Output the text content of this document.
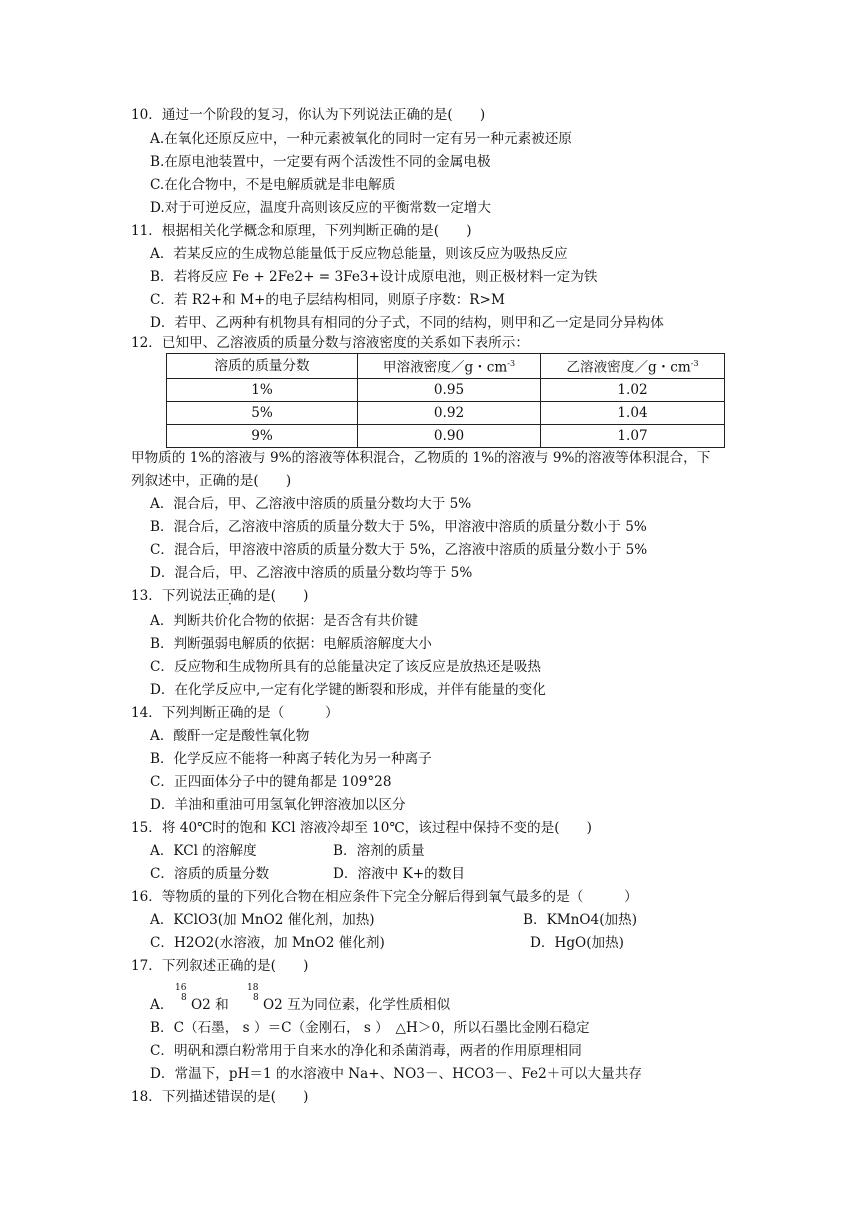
10．通过一个阶段的复习，你认为下列说法正确的是(　　)
A.在氧化还原反应中，一种元素被氧化的同时一定有另一种元素被还原
B.在原电池装置中，一定要有两个活泼性不同的金属电极
C.在化合物中，不是电解质就是非电解质
D.对于可逆反应，温度升高则该反应的平衡常数一定增大
11．根据相关化学概念和原理，下列判断正确的是(　　)
A．若某反应的生成物总能量低于反应物总能量，则该反应为吸热反应
B．若将反应 Fe + 2Fe2+ = 3Fe3+设计成原电池，则正极材料一定为铁
C．若 R2+和 M+的电子层结构相同，则原子序数：R>M
D．若甲、乙两种有机物具有相同的分子式，不同的结构，则甲和乙一定是同分异构体
12．已知甲、乙溶液质的质量分数与溶液密度的关系如下表所示：
溶质的质量分数	甲溶液密度／g・$cm^{-3}$	乙溶液密度／g・$cm^{-3}$
1%	0.95	1.02
5%	0.92	1.04
9%	0.90	1.07
甲物质的 1%的溶液与 9%的溶液等体积混合，乙物质的 1%的溶液与 9%的溶液等体积混合，下
列叙述中，正确的是(　　)
A．混合后，甲、乙溶液中溶质的质量分数均大于 5%
B．混合后，乙溶液中溶质的质量分数大于 5%，甲溶液中溶质的质量分数小于 5%
C．混合后，甲溶液中溶质的质量分数大于 5%，乙溶液中溶质的质量分数小于 5%
D．混合后，甲、乙溶液中溶质的质量分数均等于 5%
13．下列说法正确的是(　　)
A．判断共价化合物的依据：是否含有共价键
B．判断强弱电解质的依据：电解质溶解度大小
C．反应物和生成物所具有的总能量决定了该反应是放热还是吸热
D．在化学反应中,一定有化学键的断裂和形成，并伴有能量的变化
14．下列判断正确的是（　　　）
A．酸酐一定是酸性氧化物
B．化学反应不能将一种离子转化为另一种离子
C．正四面体分子中的键角都是 109°28
D．羊油和重油可用氢氧化钾溶液加以区分
15．将 40℃时的饱和 KCl 溶液冷却至 10℃，该过程中保持不变的是(　　)
A．KCl 的溶解度	B．溶剂的质量
C．溶质的质量分数	D．溶液中 K+的数目
16．等物质的量的下列化合物在相应条件下完全分解后得到氧气最多的是（　　　）
A．KClO3(加 MnO2 催化剂，加热)	B．KMnO4(加热)
C．H2O2(水溶液，加 MnO2 催化剂)	D．HgO(加热)
17．下列叙述正确的是(　　)
A．
16
8 O2 和
18
8 O2 互为同位素，化学性质相似
B．C（石墨， s ）＝C（金刚石， s ）　△H＞0，所以石墨比金刚石稳定
C．明矾和漂白粉常用于自来水的净化和杀菌消毒，两者的作用原理相同
D．常温下，pH＝1 的水溶液中 Na+、NO3－、HCO3－、Fe2＋可以大量共存
18．下列描述错误的是(　　)
